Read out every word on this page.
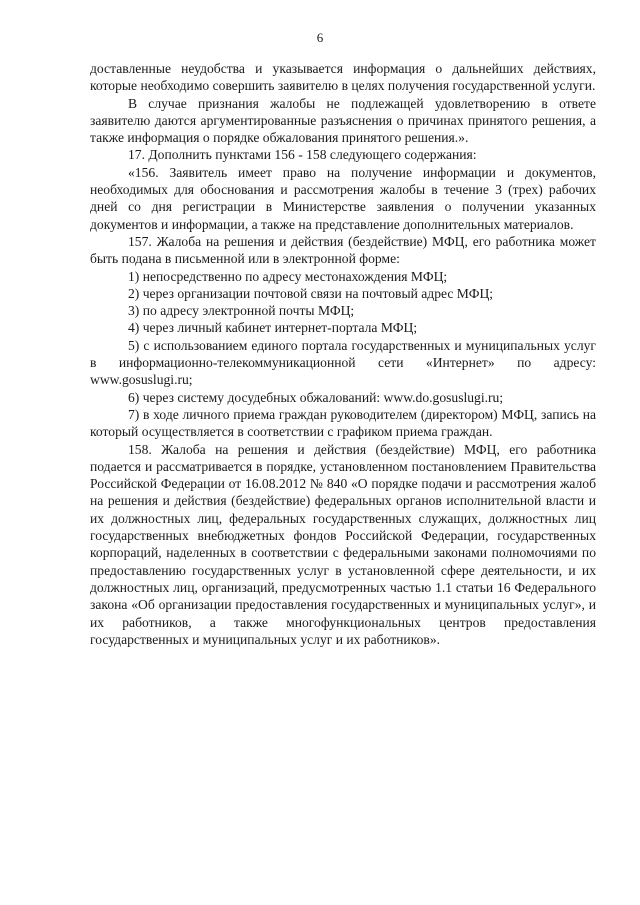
6

доставленные неудобства и указывается информация о дальнейших действиях, которые необходимо совершить заявителю в целях получения государственной услуги.

В случае признания жалобы не подлежащей удовлетворению в ответе заявителю даются аргументированные разъяснения о причинах принятого решения, а также информация о порядке обжалования принятого решения.».

17. Дополнить пунктами 156 - 158 следующего содержания:

«156. Заявитель имеет право на получение информации и документов, необходимых для обоснования и рассмотрения жалобы в течение 3 (трех) рабочих дней со дня регистрации в Министерстве заявления о получении указанных документов и информации, а также на представление дополнительных материалов.

157. Жалоба на решения и действия (бездействие) МФЦ, его работника может быть подана в письменной или в электронной форме:

1) непосредственно по адресу местонахождения МФЦ;

2) через организации почтовой связи на почтовый адрес МФЦ;

3) по адресу электронной почты МФЦ;

4) через личный кабинет интернет-портала МФЦ;

5) с использованием единого портала государственных и муниципальных услуг в информационно-телекоммуникационной сети «Интернет» по адресу: www.gosuslugi.ru;

6) через систему досудебных обжалований: www.do.gosuslugi.ru;

7) в ходе личного приема граждан руководителем (директором) МФЦ, запись на который осуществляется в соответствии с графиком приема граждан.

158. Жалоба на решения и действия (бездействие) МФЦ, его работника подается и рассматривается в порядке, установленном постановлением Правительства Российской Федерации от 16.08.2012 № 840 «О порядке подачи и рассмотрения жалоб на решения и действия (бездействие) федеральных органов исполнительной власти и их должностных лиц, федеральных государственных служащих, должностных лиц государственных внебюджетных фондов Российской Федерации, государственных корпораций, наделенных в соответствии с федеральными законами полномочиями по предоставлению государственных услуг в установленной сфере деятельности, и их должностных лиц, организаций, предусмотренных частью 1.1 статьи 16 Федерального закона «Об организации предоставления государственных и муниципальных услуг», и их работников, а также многофункциональных центров предоставления государственных и муниципальных услуг и их работников».
